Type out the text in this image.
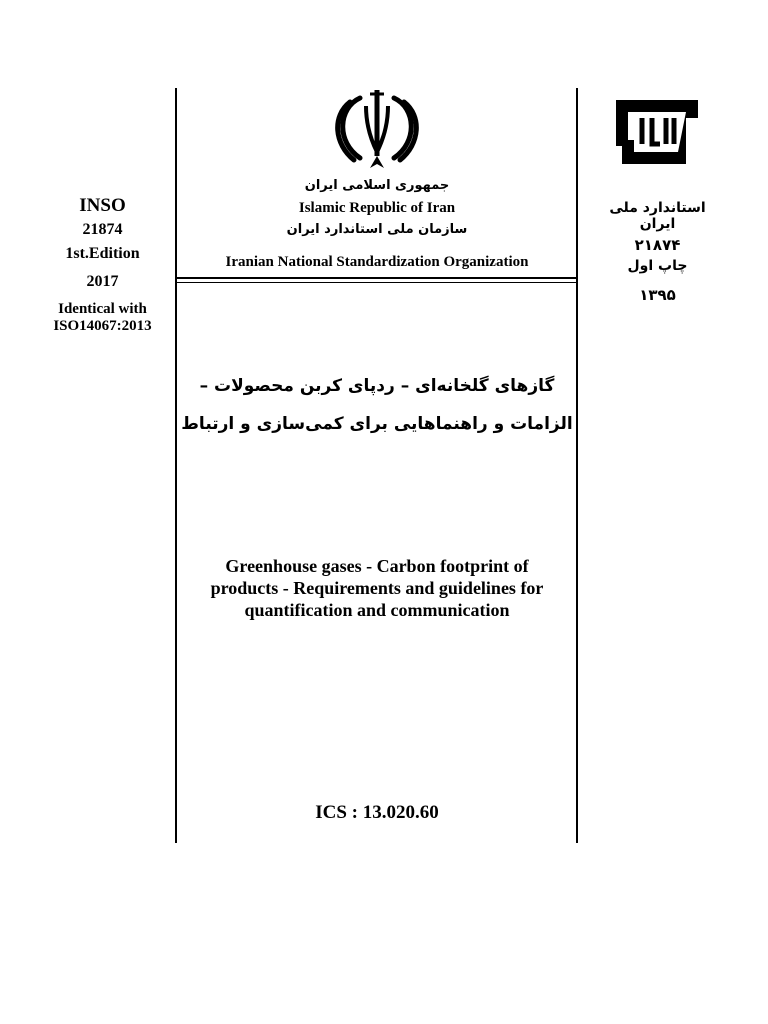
INSO
21874
1st.Edition
2017
Identical with
ISO14067:2013
استاندارد ملی ایران
۲۱۸۷۴
چاپ اول
۱۳۹۵
جمهوری اسلامی ایران
Islamic Republic of Iran
سازمان ملی استاندارد ایران
Iranian National Standardization Organization
گازهای گلخانه‌ای – ردپای کربن محصولات –
الزامات و راهنماهایی برای کمی‌سازی و ارتباط
Greenhouse gases - Carbon footprint of
products - Requirements and guidelines for
quantification and communication
ICS : 13.020.60
